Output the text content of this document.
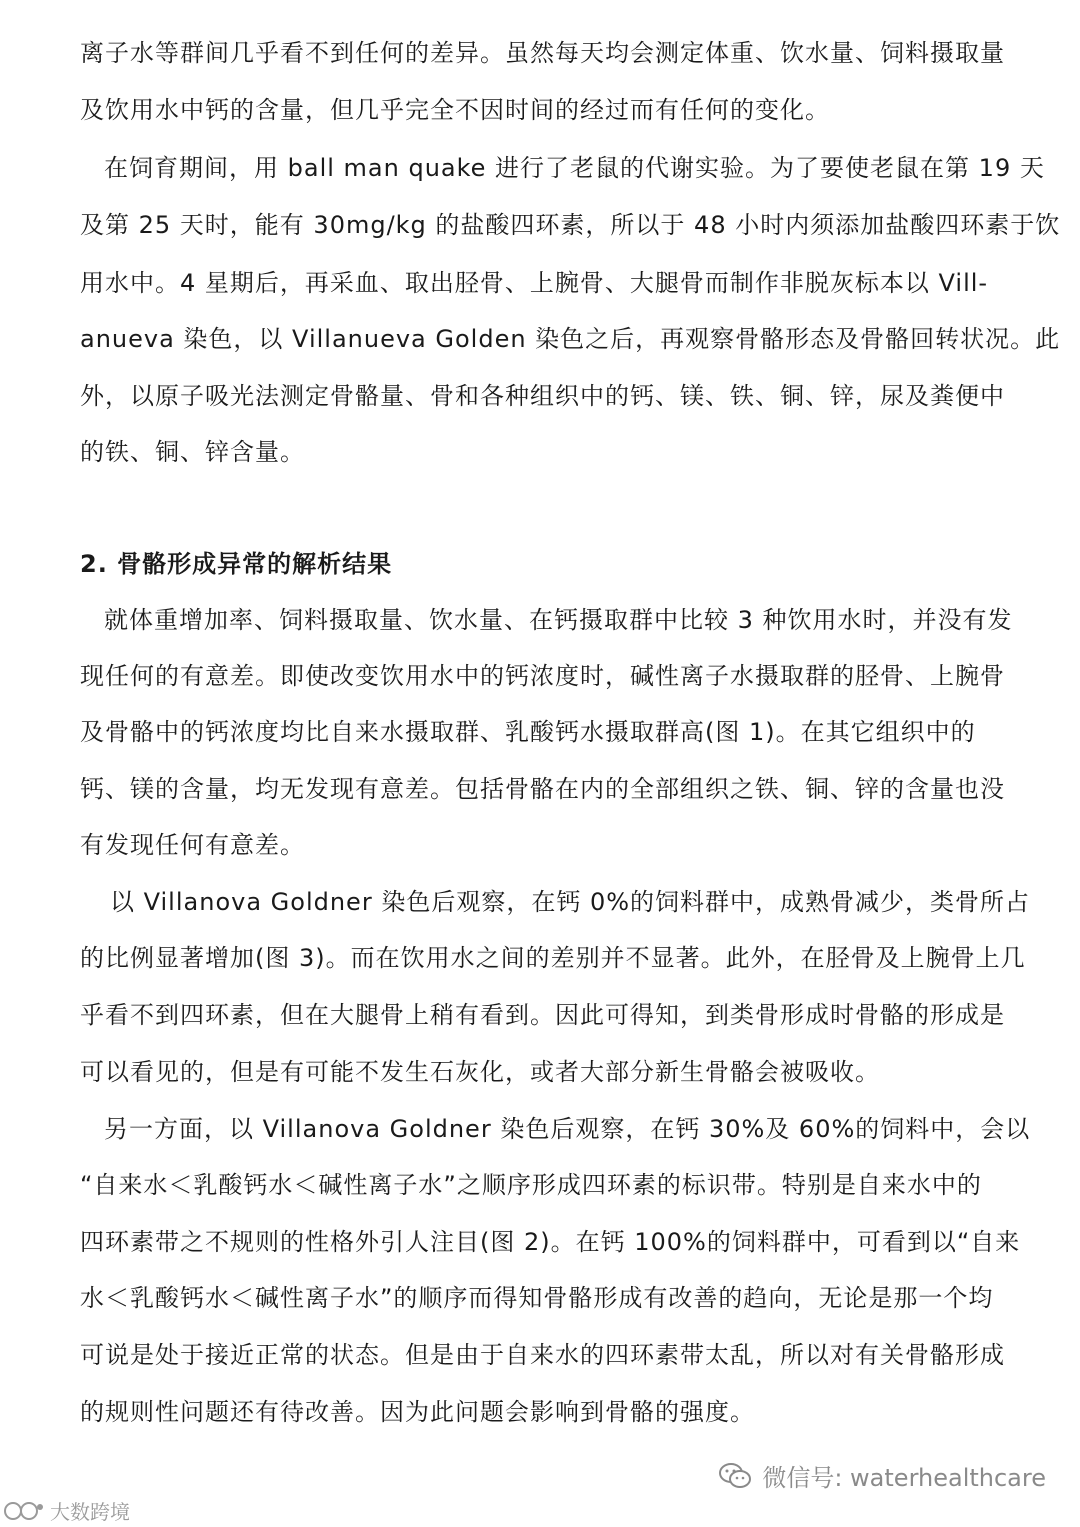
离子水等群间几乎看不到任何的差异。虽然每天均会测定体重、饮水量、饲料摄取量
及饮用水中钙的含量，但几乎完全不因时间的经过而有任何的变化。
在饲育期间，用 ball man quake 进行了老鼠的代谢实验。为了要使老鼠在第 19 天
及第 25 天时，能有 30mg/kg 的盐酸四环素，所以于 48 小时内须添加盐酸四环素于饮
用水中。4 星期后，再采血、取出胫骨、上腕骨、大腿骨而制作非脱灰标本以 Vill-
anueva 染色，以 Villanueva Golden 染色之后，再观察骨骼形态及骨骼回转状况。此
外，以原子吸光法测定骨骼量、骨和各种组织中的钙、镁、铁、铜、锌，尿及粪便中
的铁、铜、锌含量。
2. 骨骼形成异常的解析结果
就体重增加率、饲料摄取量、饮水量、在钙摄取群中比较 3 种饮用水时，并没有发
现任何的有意差。即使改变饮用水中的钙浓度时，碱性离子水摄取群的胫骨、上腕骨
及骨骼中的钙浓度均比自来水摄取群、乳酸钙水摄取群高(图 1)。在其它组织中的
钙、镁的含量，均无发现有意差。包括骨骼在内的全部组织之铁、铜、锌的含量也没
有发现任何有意差。
以 Villanova Goldner 染色后观察，在钙 0%的饲料群中，成熟骨减少，类骨所占
的比例显著增加(图 3)。而在饮用水之间的差别并不显著。此外，在胫骨及上腕骨上几
乎看不到四环素，但在大腿骨上稍有看到。因此可得知，到类骨形成时骨骼的形成是
可以看见的，但是有可能不发生石灰化，或者大部分新生骨骼会被吸收。
另一方面，以 Villanova Goldner 染色后观察，在钙 30%及 60%的饲料中，会以
“自来水＜乳酸钙水＜碱性离子水”之顺序形成四环素的标识带。特别是自来水中的
四环素带之不规则的性格外引人注目(图 2)。在钙 100%的饲料群中，可看到以“自来
水＜乳酸钙水＜碱性离子水”的顺序而得知骨骼形成有改善的趋向，无论是那一个均
可说是处于接近正常的状态。但是由于自来水的四环素带太乱，所以对有关骨骼形成
的规则性问题还有待改善。因为此问题会影响到骨骼的强度。
微信号: waterhealthcare
大数跨境
